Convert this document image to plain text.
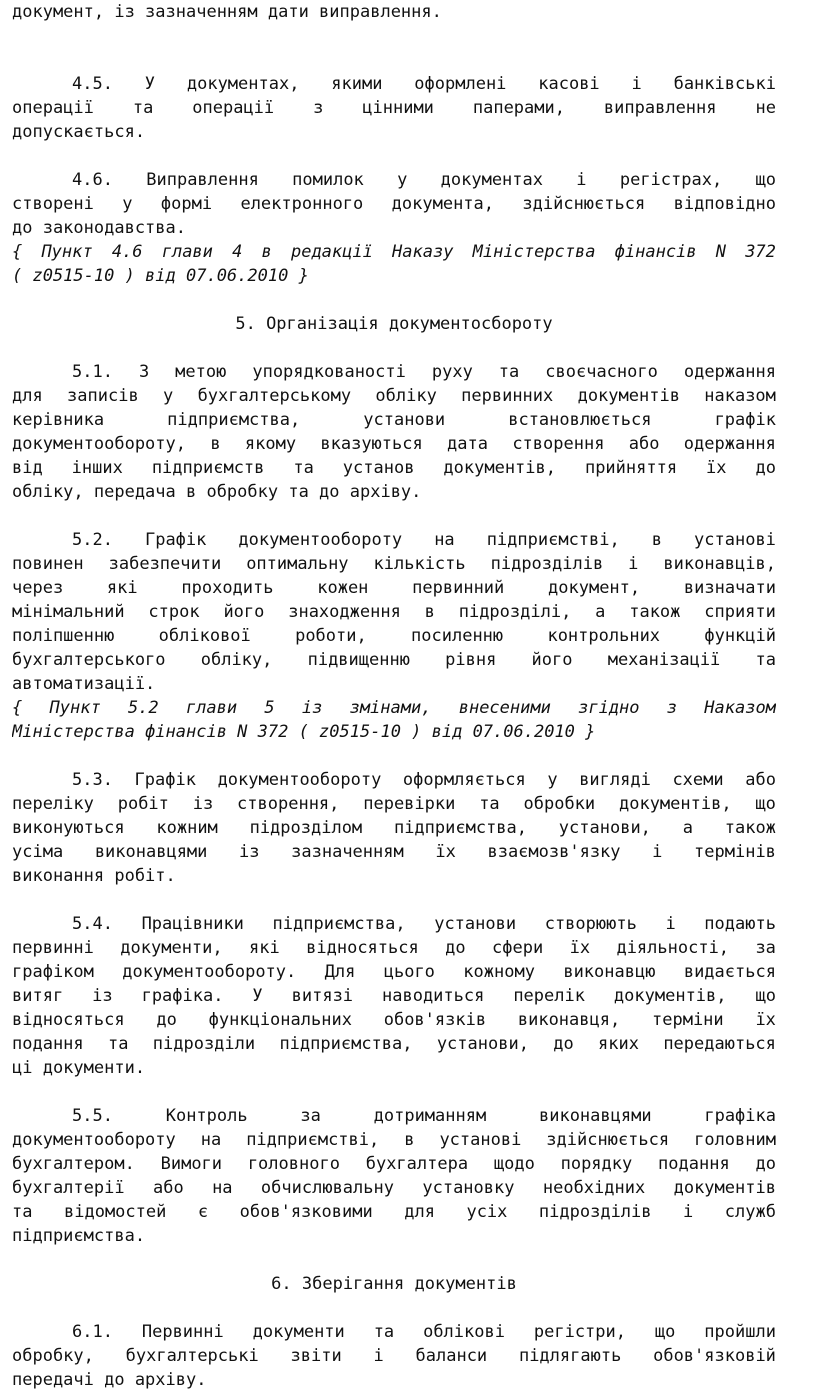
документ, із зазначенням дати виправлення.
4.5. У документах, якими оформлені касові і банківські
операції та операції з цінними паперами, виправлення не
допускається.
4.6. Виправлення помилок у документах і регістрах, що
створені у формі електронного документа, здійснюється відповідно
до законодавства.
{ Пункт 4.6 глави 4 в редакції Наказу Міністерства фінансів N 372
( z0515-10 ) від 07.06.2010 }
5. Організація документосбороту
5.1. З метою упорядкованості руху та своєчасного одержання
для записів у бухгалтерському обліку первинних документів наказом
керівника	підприємства,	установи	встановлюється	графік
документообороту, в якому вказуються дата створення або одержання
від інших підприємств та установ документів, прийняття їх до
обліку, передача в обробку та до архіву.
5.2. Графік документообороту на підприємстві, в установі
повинен забезпечити оптимальну кількість підрозділів і виконавців,
через	які	проходить	кожен	первинний	документ,	визначати
мінімальний строк його знаходження в підрозділі, а також сприяти
поліпшенню	облікової	роботи,	посиленню	контрольних	функцій
бухгалтерського обліку, підвищенню рівня його механізації та
автоматизації.
{ Пункт 5.2 глави 5 із змінами, внесеними згідно з Наказом
Міністерства фінансів N 372 ( z0515-10 ) від 07.06.2010 }
5.3. Графік документообороту оформляється у вигляді схеми або
переліку робіт із створення, перевірки та обробки документів, що
виконуються кожним підрозділом підприємства, установи, а також
усіма виконавцями із зазначенням їх взаємозв'язку і термінів
виконання робіт.
5.4. Працівники підприємства, установи створюють і подають
первинні документи, які відносяться до сфери їх діяльності, за
графіком документообороту. Для цього кожному виконавцю видається
витяг із графіка. У витязі наводиться перелік документів, що
відносяться до функціональних обов'язків виконавця, терміни їх
подання та підрозділи підприємства, установи, до яких передаються
ці документи.
5.5.	Контроль	за	дотриманням	виконавцями	графіка
документообороту на підприємстві, в установі здійснюється головним
бухгалтером. Вимоги головного бухгалтера щодо порядку подання до
бухгалтерії або на обчислювальну установку необхідних документів
та відомостей є обов'язковими для усіх підрозділів і служб
підприємства.
6. Зберігання документів
6.1. Первинні документи та облікові регістри, що пройшли
обробку, бухгалтерські звіти і баланси підлягають обов'язковій
передачі до архіву.
